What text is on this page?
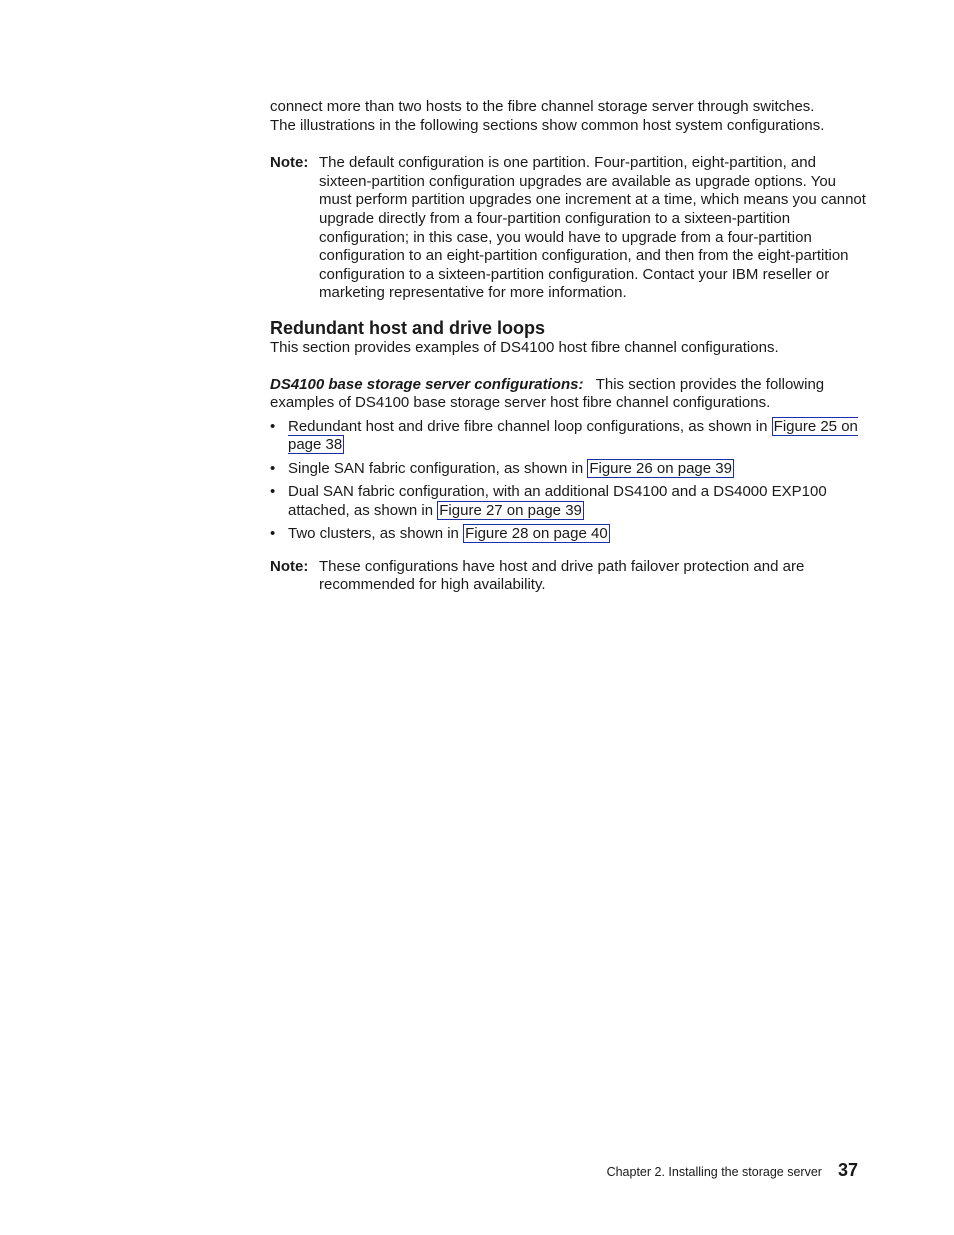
connect more than two hosts to the fibre channel storage server through switches.
The illustrations in the following sections show common host system configurations.

Note: The default configuration is one partition. Four-partition, eight-partition, and sixteen-partition configuration upgrades are available as upgrade options. You must perform partition upgrades one increment at a time, which means you cannot upgrade directly from a four-partition configuration to a sixteen-partition configuration; in this case, you would have to upgrade from a four-partition configuration to an eight-partition configuration, and then from the eight-partition configuration to a sixteen-partition configuration. Contact your IBM reseller or marketing representative for more information.
Redundant host and drive loops

This section provides examples of DS4100 host fibre channel configurations.

DS4100 base storage server configurations: This section provides the following examples of DS4100 base storage server host fibre channel configurations.

• Redundant host and drive fibre channel loop configurations, as shown in Figure 25 on page 38
• Single SAN fabric configuration, as shown in Figure 26 on page 39
• Dual SAN fabric configuration, with an additional DS4100 and a DS4000 EXP100 attached, as shown in Figure 27 on page 39
• Two clusters, as shown in Figure 28 on page 40
Note: These configurations have host and drive path failover protection and are recommended for high availability.
Chapter 2. Installing the storage server 37
